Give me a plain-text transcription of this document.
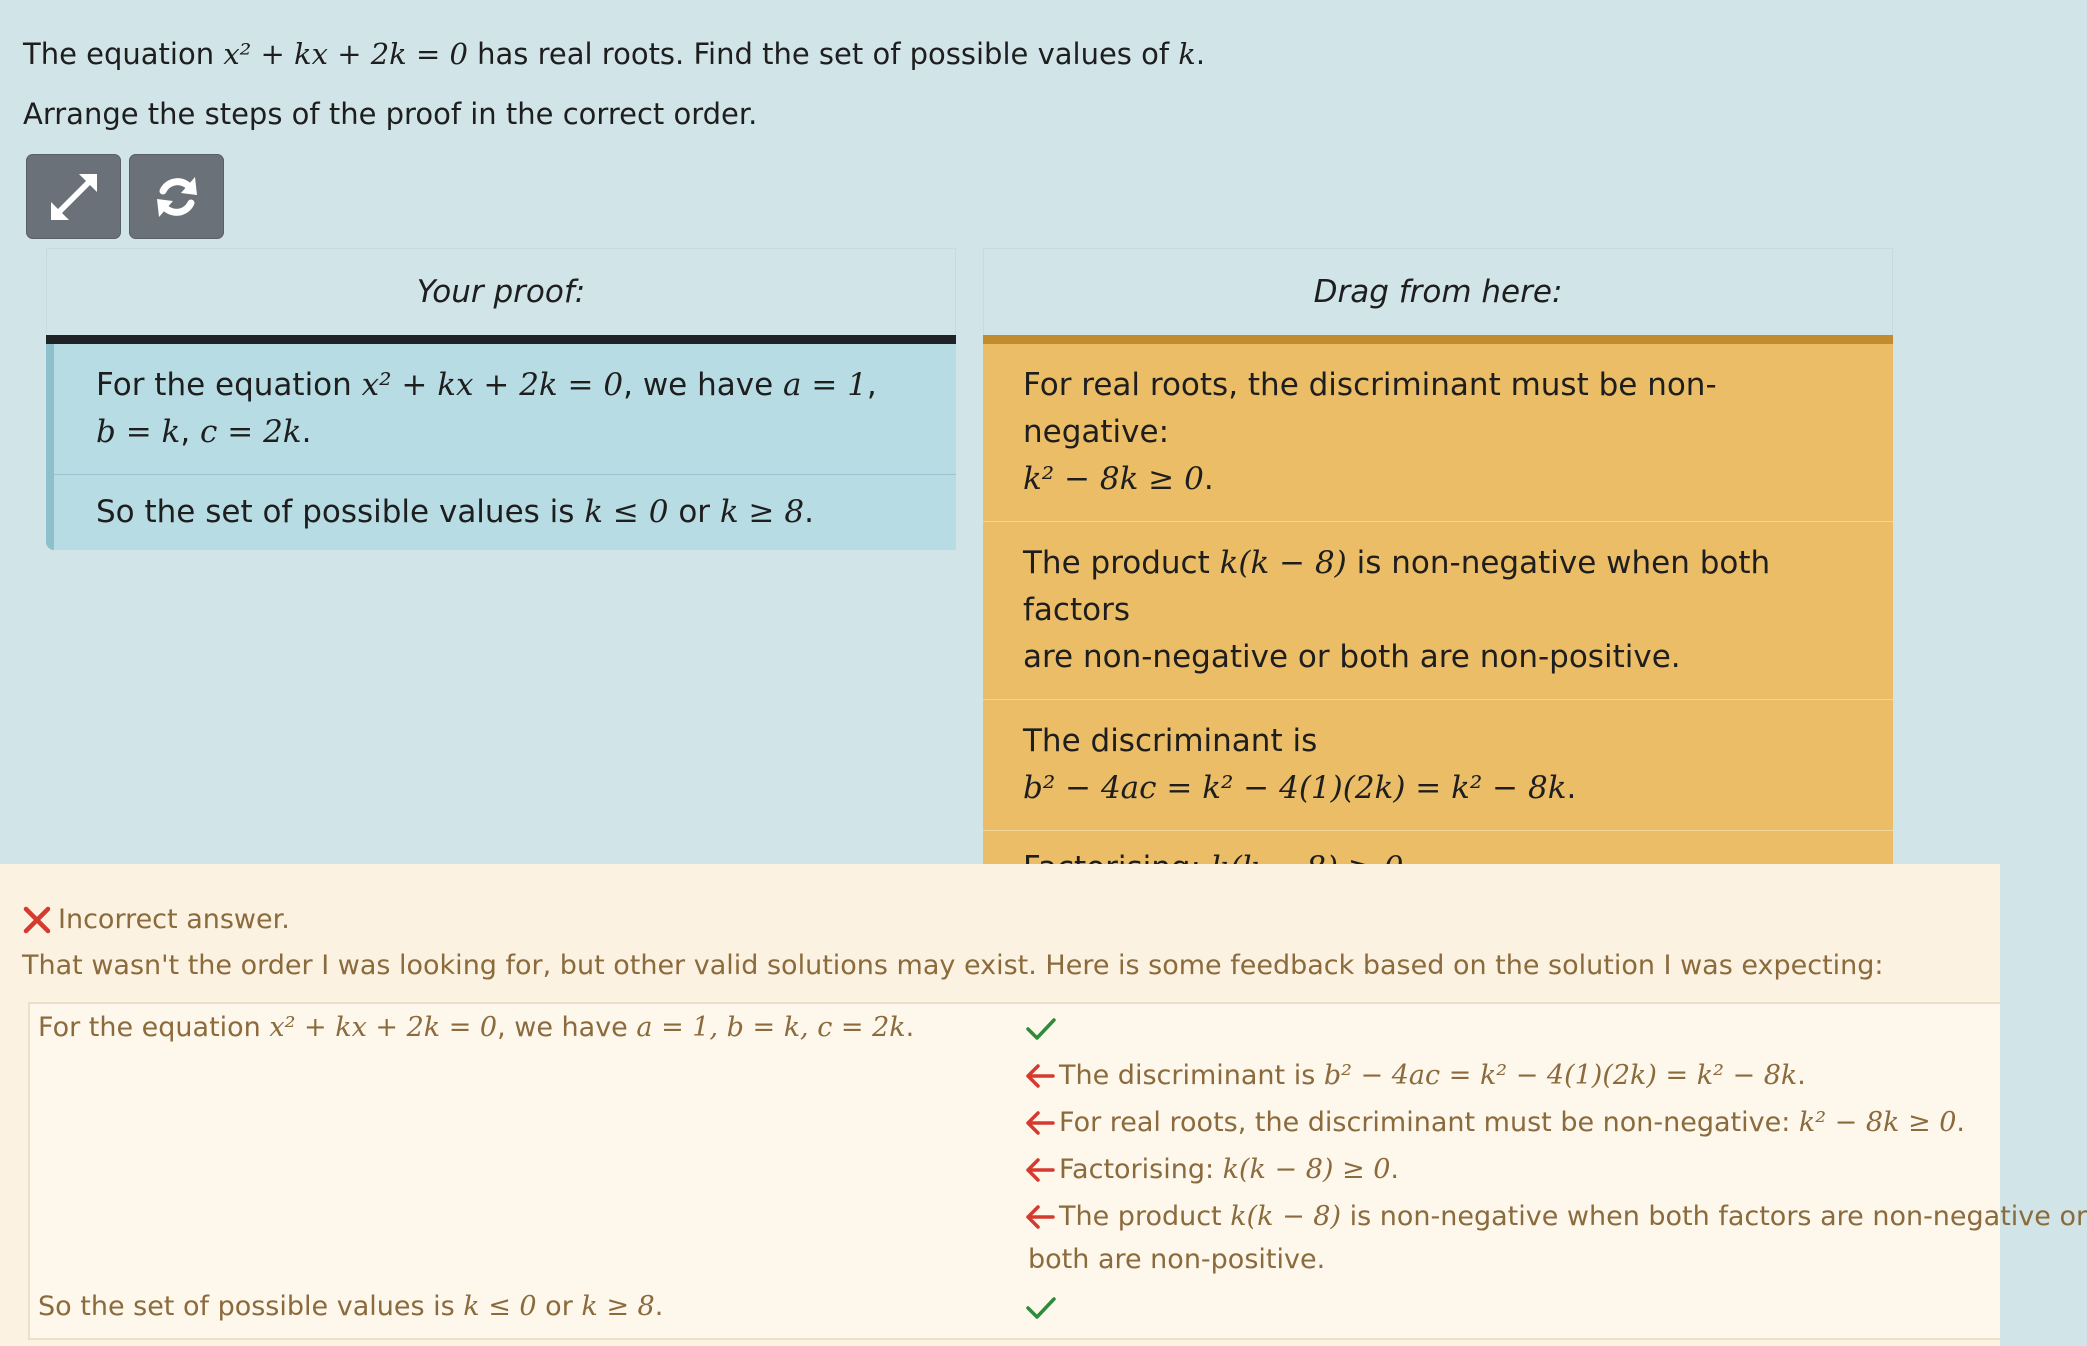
The equation x² + kx + 2k = 0 has real roots. Find the set of possible values of k.
Arrange the steps of the proof in the correct order.
Your proof:
For the equation x² + kx + 2k = 0, we have a = 1,
b = k, c = 2k.
So the set of possible values is k ≤ 0 or k ≥ 8.
Drag from here:
For real roots, the discriminant must be non-negative:
k² − 8k ≥ 0.
The product k(k − 8) is non-negative when both factors
are non-negative or both are non-positive.
The discriminant is
b² − 4ac = k² − 4(1)(2k) = k² − 8k.
Incorrect answer.
That wasn't the order I was looking for, but other valid solutions may exist. Here is some feedback based on the solution I was expecting:
For the equation x² + kx + 2k = 0, we have a = 1, b = k, c = 2k.
The discriminant is b² − 4ac = k² − 4(1)(2k) = k² − 8k.
For real roots, the discriminant must be non-negative: k² − 8k ≥ 0.
Factorising: k(k − 8) ≥ 0.
The product k(k − 8) is non-negative when both factors are non-negative or
both are non-positive.
So the set of possible values is k ≤ 0 or k ≥ 8.
